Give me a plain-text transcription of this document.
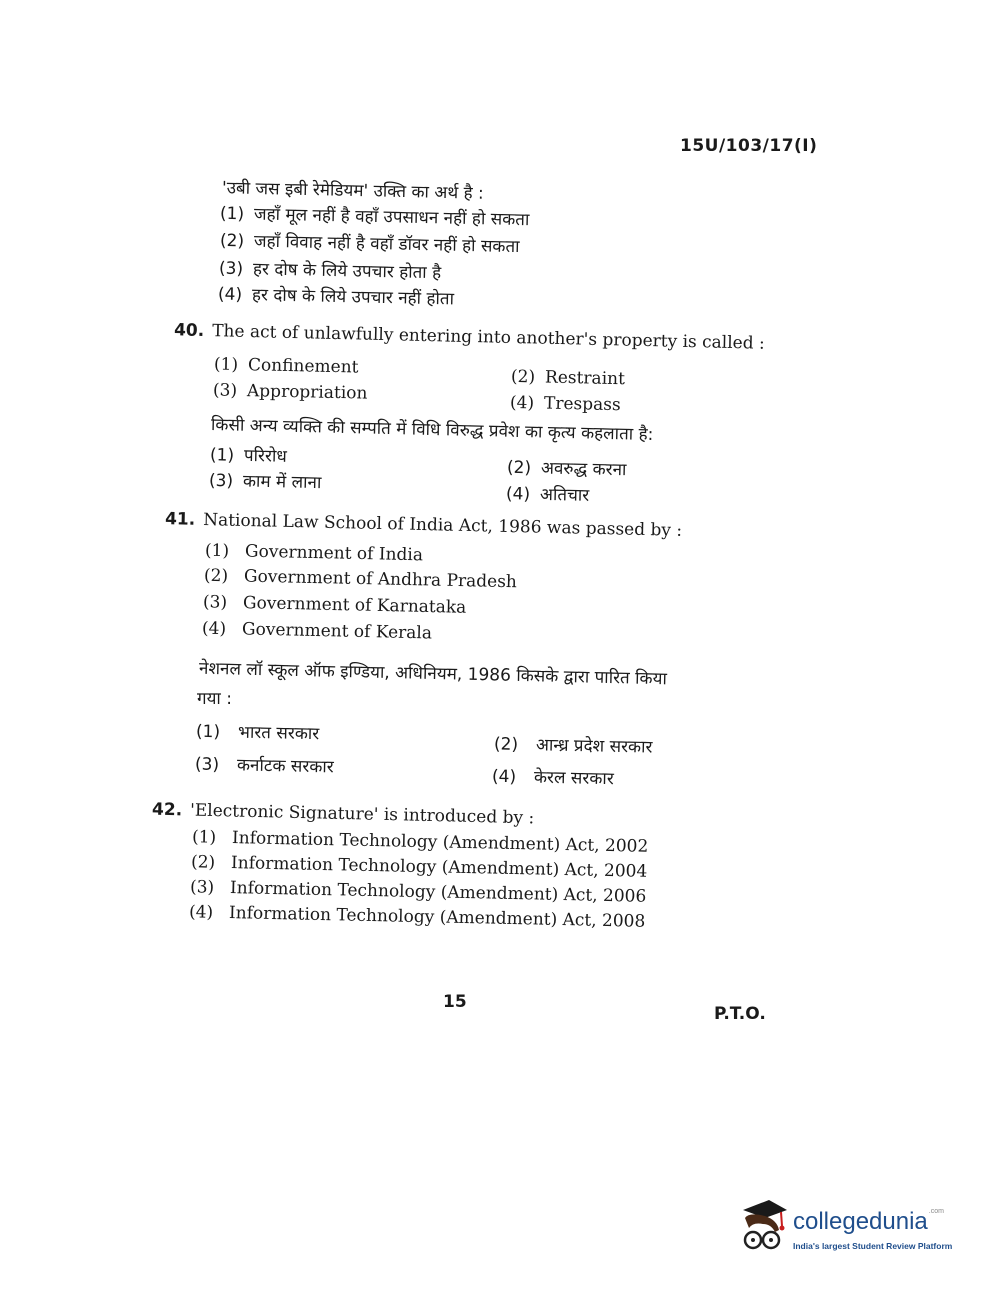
15U/103/17(I)
'उबी जस इबी रेमेडियम' उक्ति का अर्थ है :
(1) जहाँ मूल नहीं है वहाँ उपसाधन नहीं हो सकता
(2) जहाँ विवाह नहीं है वहाँ डॉवर नहीं हो सकता
(3) हर दोष के लिये उपचार होता है
(4) हर दोष के लिये उपचार नहीं होता
40. The act of unlawfully entering into another's property is called :
(1) Confinement	(2) Restraint
(3) Appropriation	(4) Trespass
किसी अन्य व्यक्ति की सम्पति में विधि विरुद्ध प्रवेश का कृत्य कहलाता है:
(1) परिरोध
(2) अवरुद्ध करना
(3) काम में लाना
(4) अतिचार
41. National Law School of India Act, 1986 was passed by :
(1) Government of India
(2) Government of Andhra Pradesh
(3) Government of Karnataka
(4) Government of Kerala
नेशनल लॉ स्कूल ऑफ इण्डिया, अधिनियम, 1986 किसके द्वारा पारित किया
गया :
(1) भारत सरकार
(2) आन्ध्र प्रदेश सरकार
(3) कर्नाटक सरकार	(4) केरल सरकार
42. 'Electronic Signature' is introduced by :
(1) Information Technology (Amendment) Act, 2002
(2) Information Technology (Amendment) Act, 2004
(3) Information Technology (Amendment) Act, 2006
(4) Information Technology (Amendment) Act, 2008
15
P.T.O.
collegedunia$^{.com}$
India's largest Student Review Platform
